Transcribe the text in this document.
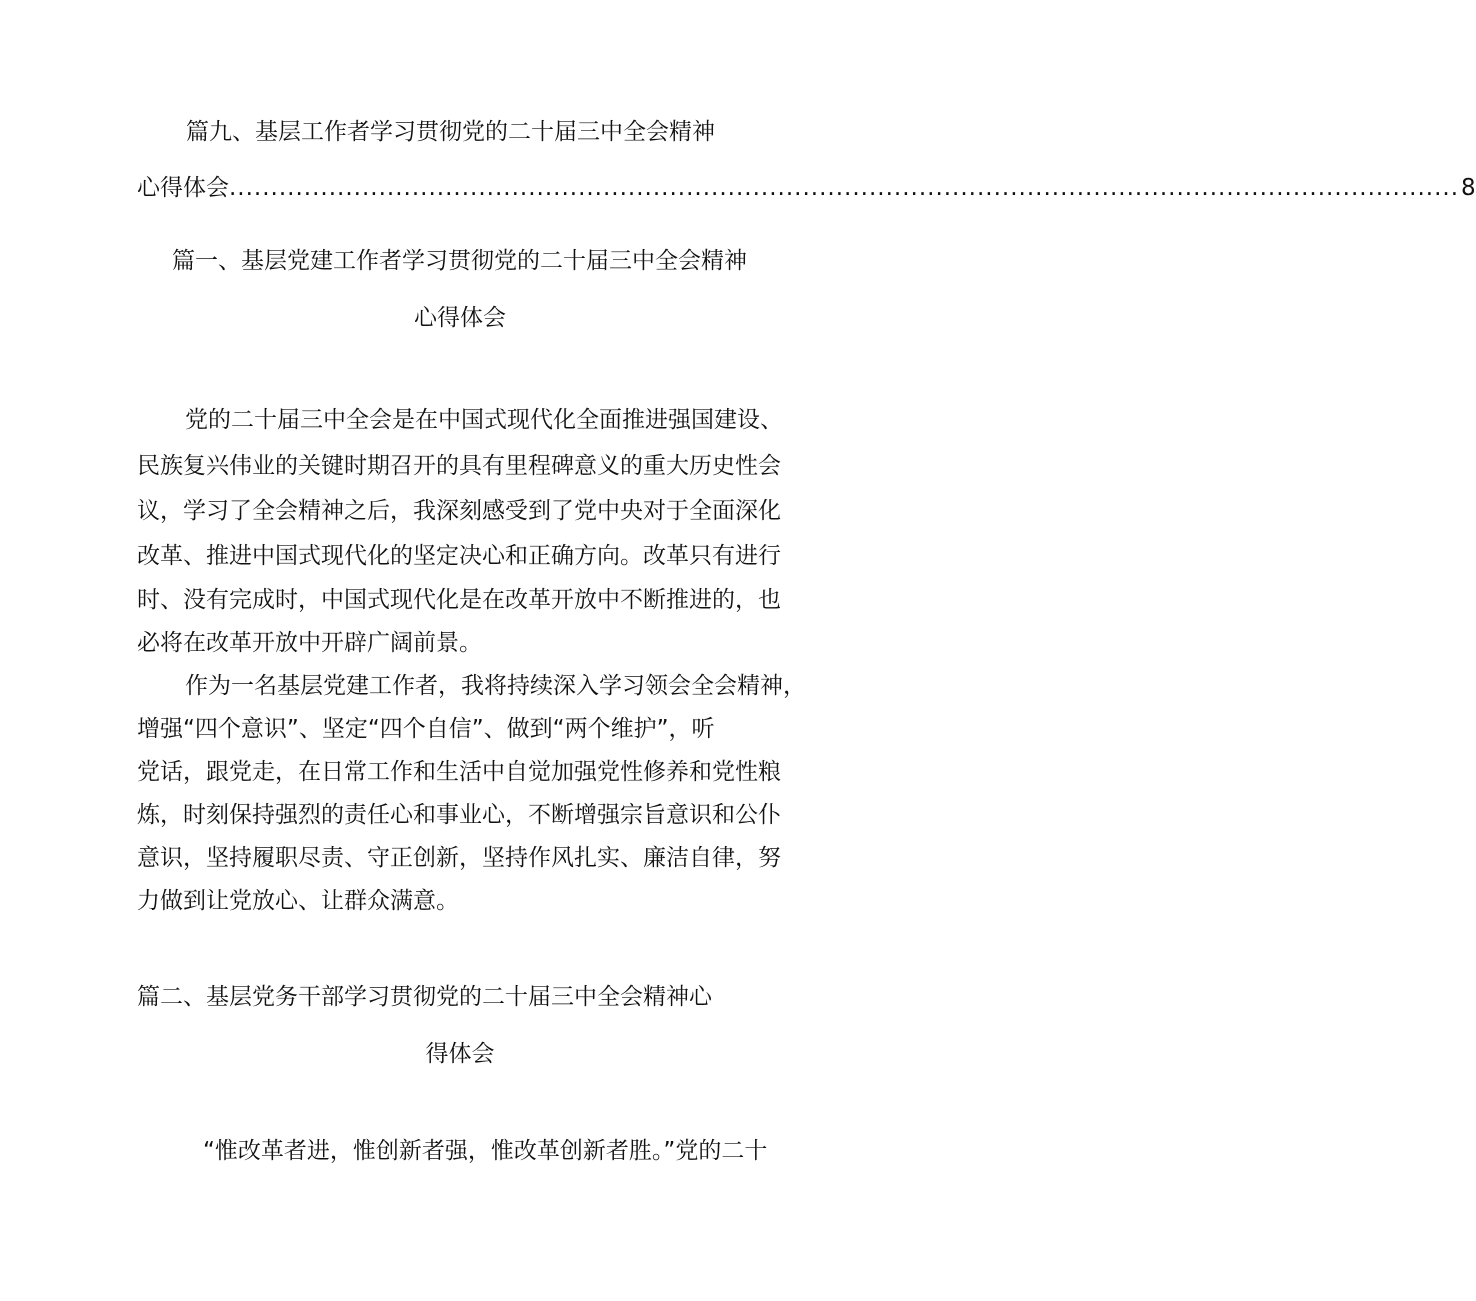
篇九、基层工作者学习贯彻党的二十届三中全会精神
心得体会 .................................................................................................................................................... 8
篇一、基层党建工作者学习贯彻党的二十届三中全会精神
心得体会

党的二十届三中全会是在中国式现代化全面推进强国建设、

民族复兴伟业的关键时期召开的具有里程碑意义的重大历史性会

议，学习了全会精神之后，我深刻感受到了党中央对于全面深化

改革、推进中国式现代化的坚定决心和正确方向。改革只有进行

时、没有完成时，中国式现代化是在改革开放中不断推进的，也

必将在改革开放中开辟广阔前景。

作为一名基层党建工作者，我将持续深入学习领会全会精神，

增强“四个意识”、坚定“四个自信”、做到“两个维护”，听

党话，跟党走，在日常工作和生活中自觉加强党性修养和党性粮

炼，时刻保持强烈的责任心和事业心，不断增强宗旨意识和公仆

意识，坚持履职尽责、守正创新，坚持作风扎实、廉洁自律，努

力做到让党放心、让群众满意。

篇二、基层党务干部学习贯彻党的二十届三中全会精神心
得体会

“惟改革者进，惟创新者强，惟改革创新者胜。”党的二十
